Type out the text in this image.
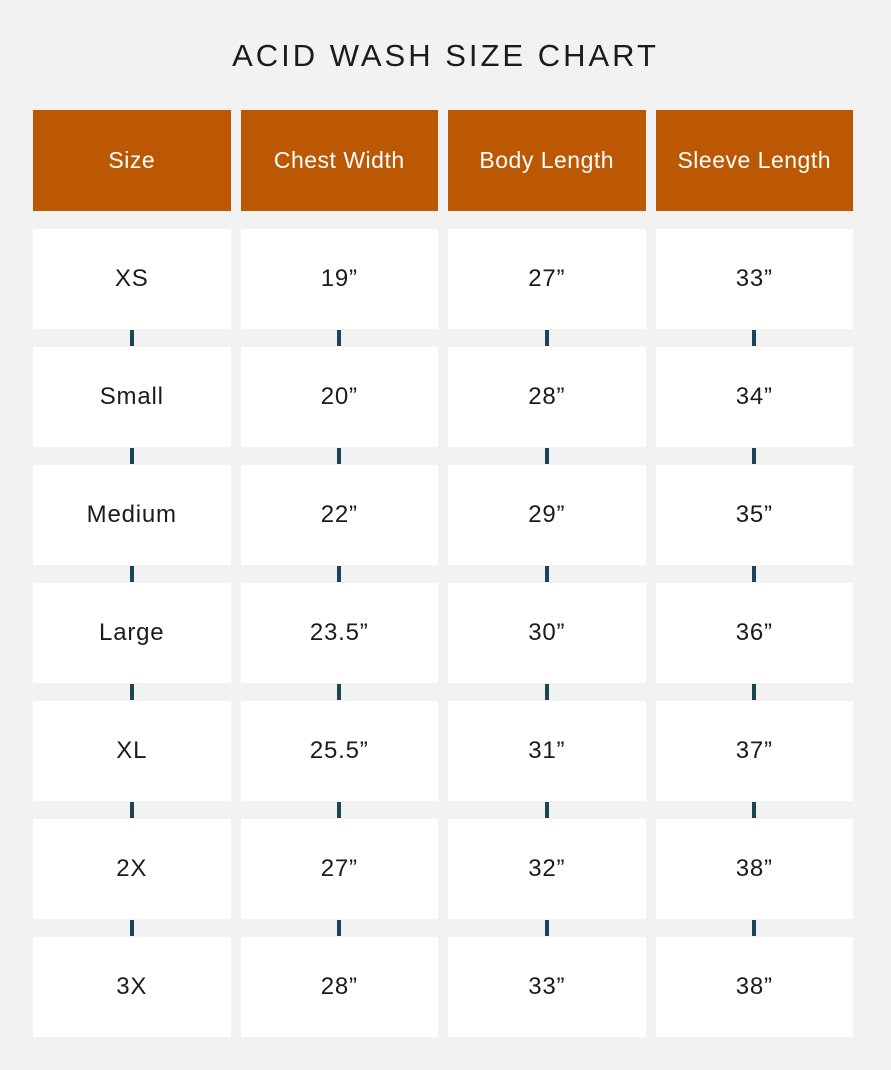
ACID WASH SIZE CHART
Size	Chest Width	Body Length	Sleeve Length
XS	19”	27”	33”
Small	20”	28”	34”
Medium	22”	29”	35”
Large	23.5”	30”	36”
XL	25.5”	31”	37”
2X	27”	32”	38”
3X	28”	33”	38”
